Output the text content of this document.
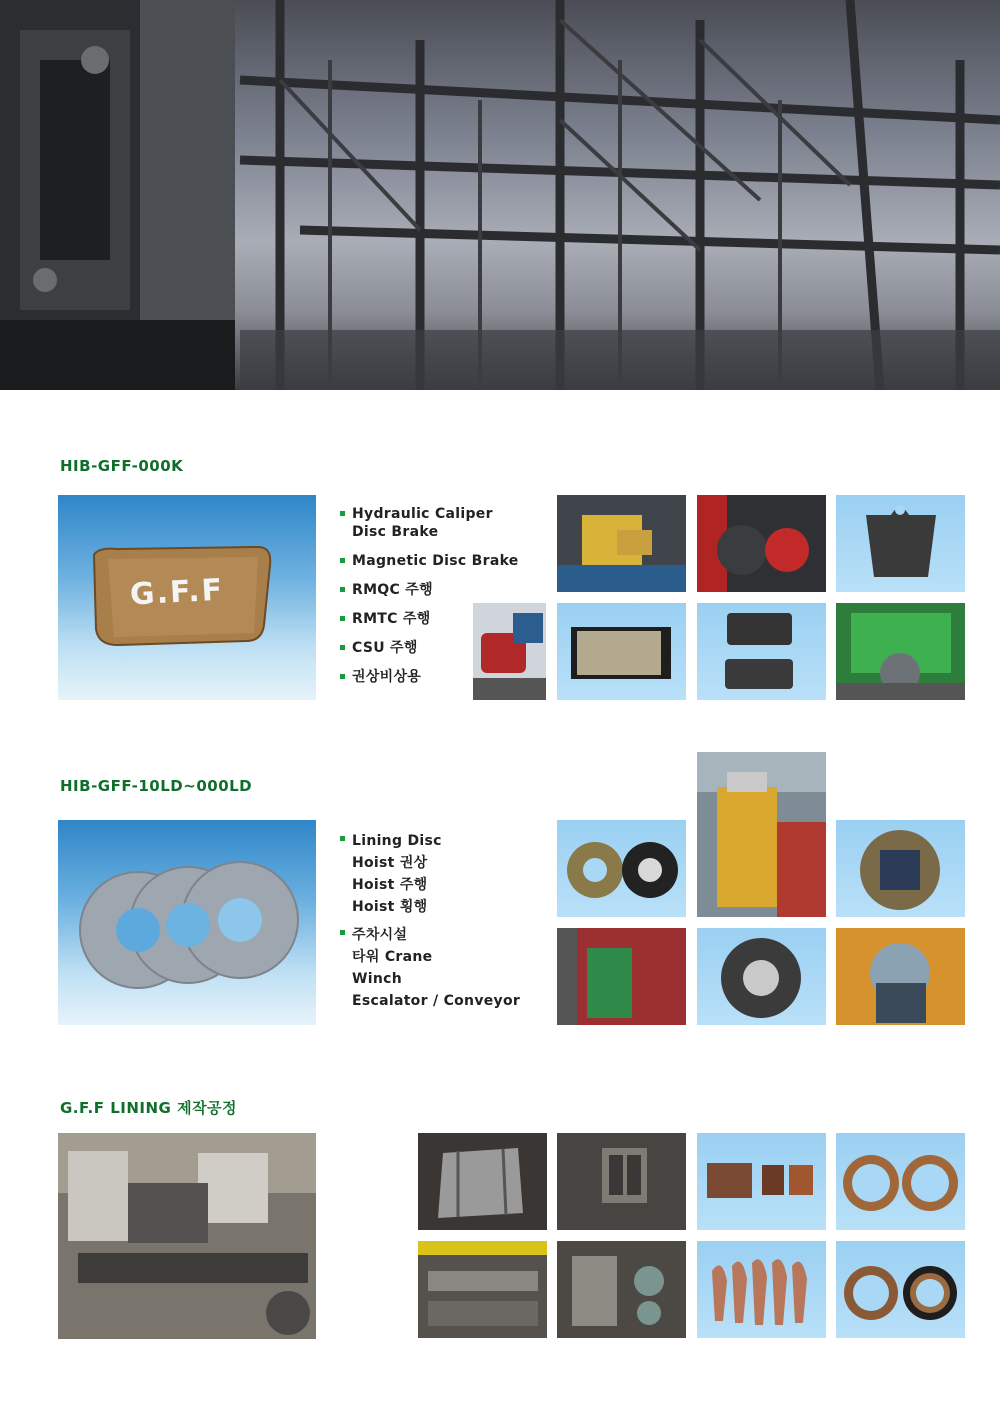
HIB-GFF-000K
G.F.F
Hydraulic Caliper
Disc Brake
Magnetic Disc Brake
RMQC 주행
RMTC 주행
CSU 주행
권상비상용
HIB-GFF-10LD~000LD
Lining Disc
Hoist 권상
Hoist 주행
Hoist 횡행
주차시설
타워 Crane
Winch
Escalator / Conveyor
G.F.F LINING 제작공정
